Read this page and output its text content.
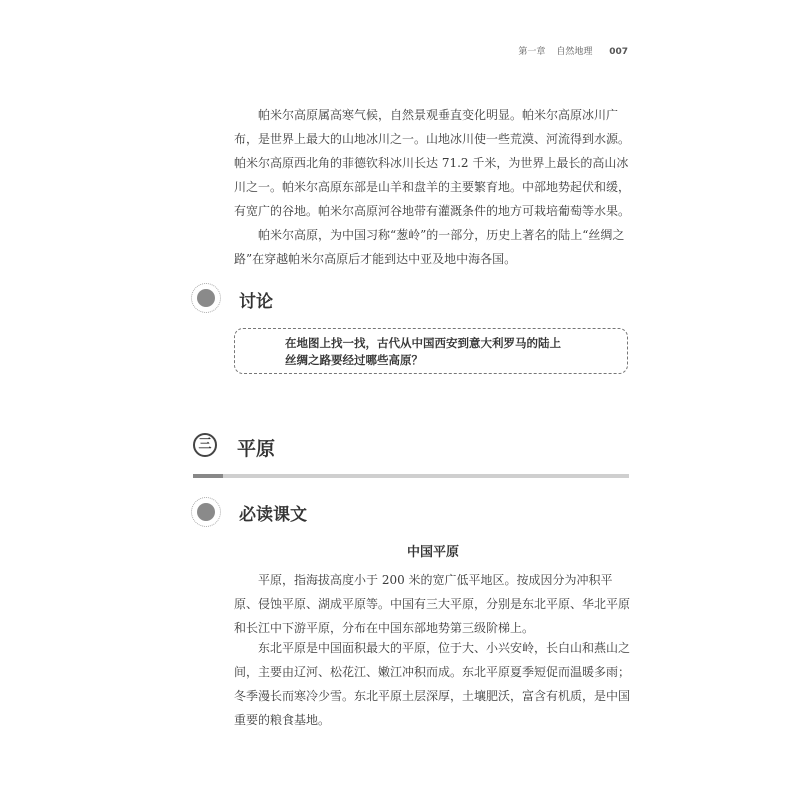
第一章 自然地理 007

帕米尔高原属高寒气候，自然景观垂直变化明显。帕米尔高原冰川广布，是世界上最大的山地冰川之一。山地冰川使一些荒漠、河流得到水源。帕米尔高原西北角的菲德钦科冰川长达 71.2 千米，为世界上最长的高山冰川之一。帕米尔高原东部是山羊和盘羊的主要繁育地。中部地势起伏和缓，有宽广的谷地。帕米尔高原河谷地带有灌溉条件的地方可栽培葡萄等水果。

帕米尔高原，为中国习称“葱岭”的一部分，历史上著名的陆上“丝绸之路”在穿越帕米尔高原后才能到达中亚及地中海各国。

讨论

在地图上找一找，古代从中国西安到意大利罗马的陆上
丝绸之路要经过哪些高原？

三 平原
必读课文
中国平原

平原，指海拔高度小于 200 米的宽广低平地区。按成因分为冲积平原、侵蚀平原、湖成平原等。中国有三大平原，分别是东北平原、华北平原和长江中下游平原，分布在中国东部地势第三级阶梯上。

东北平原是中国面积最大的平原，位于大、小兴安岭，长白山和燕山之间，主要由辽河、松花江、嫩江冲积而成。东北平原夏季短促而温暖多雨；冬季漫长而寒冷少雪。东北平原土层深厚，土壤肥沃，富含有机质，是中国重要的粮食基地。
